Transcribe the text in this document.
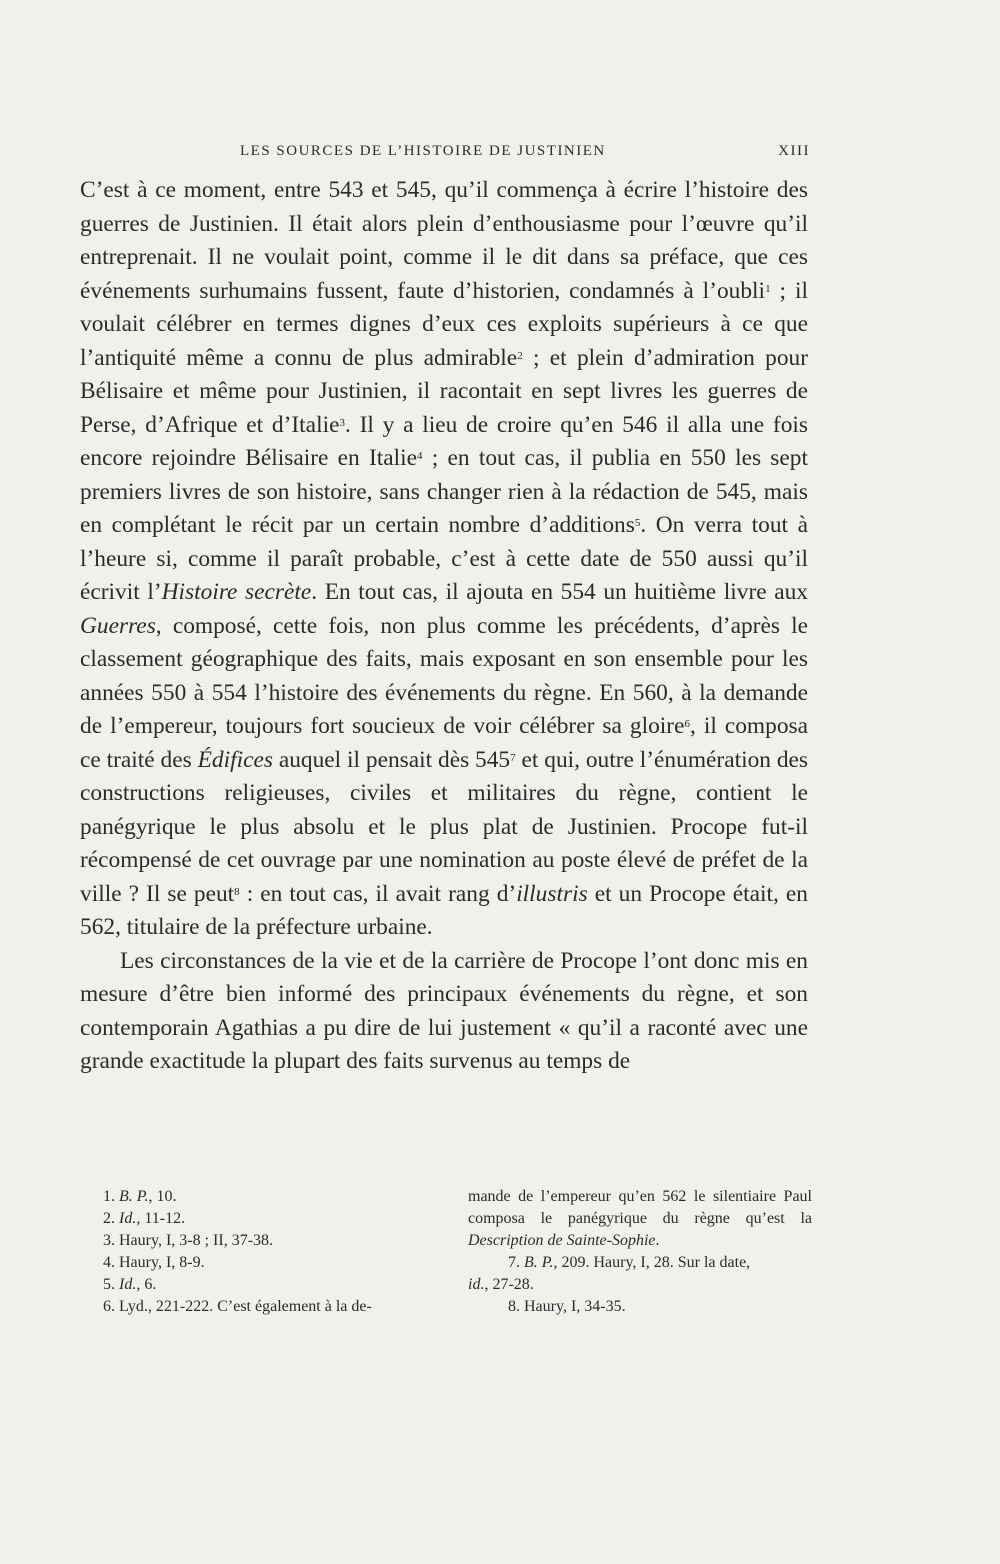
LES SOURCES DE L’HISTOIRE DE JUSTINIEN	XIII

C’est à ce moment, entre 543 et 545, qu’il commença à écrire l’histoire des guerres de Justinien. Il était alors plein d’enthousiasme pour l’œuvre qu’il entreprenait. Il ne voulait point, comme il le dit dans sa préface, que ces événements surhumains fussent, faute d’historien, condamnés à l’oubli$^1$ ; il voulait célébrer en termes dignes d’eux ces exploits supérieurs à ce que l’antiquité même a connu de plus admirable$^2$ ; et plein d’admiration pour Bélisaire et même pour Justinien, il racontait en sept livres les guerres de Perse, d’Afrique et d’Italie$^3$. Il y a lieu de croire qu’en 546 il alla une fois encore rejoindre Bélisaire en Italie$^4$ ; en tout cas, il publia en 550 les sept premiers livres de son histoire, sans changer rien à la rédaction de 545, mais en complétant le récit par un certain nombre d’additions$^5$. On verra tout à l’heure si, comme il paraît probable, c’est à cette date de 550 aussi qu’il écrivit l’Histoire secrète. En tout cas, il ajouta en 554 un huitième livre aux Guerres, composé, cette fois, non plus comme les précédents, d’après le classement géographique des faits, mais exposant en son ensemble pour les années 550 à 554 l’histoire des événements du règne. En 560, à la demande de l’empereur, toujours fort soucieux de voir célébrer sa gloire$^6$, il composa ce traité des Édifices auquel il pensait dès $545^7$ et qui, outre l’énumération des constructions religieuses, civiles et militaires du règne, contient le panégyrique le plus absolu et le plus plat de Justinien. Procope fut-il récompensé de cet ouvrage par une nomination au poste élevé de préfet de la ville ? Il se peut$^8$ : en tout cas, il avait rang d’illustris et un Procope était, en 562, titulaire de la préfecture urbaine.

Les circonstances de la vie et de la carrière de Procope l’ont donc mis en mesure d’être bien informé des principaux événements du règne, et son contemporain Agathias a pu dire de lui justement « qu’il a raconté avec une grande exactitude la plupart des faits survenus au temps de

1. B. P., 10.
2. Id., 11-12.
3. Haury, I, 3-8 ; II, 37-38.
4. Haury, I, 8-9.
5. Id., 6.
6. Lyd., 221-222. C’est également à la de-
mande de l’empereur qu’en 562 le silentiaire Paul composa le panégyrique du règne qu’est la Description de Sainte-Sophie.
7. B. P., 209. Haury, I, 28. Sur la date,
id., 27-28.
8. Haury, I, 34-35.
